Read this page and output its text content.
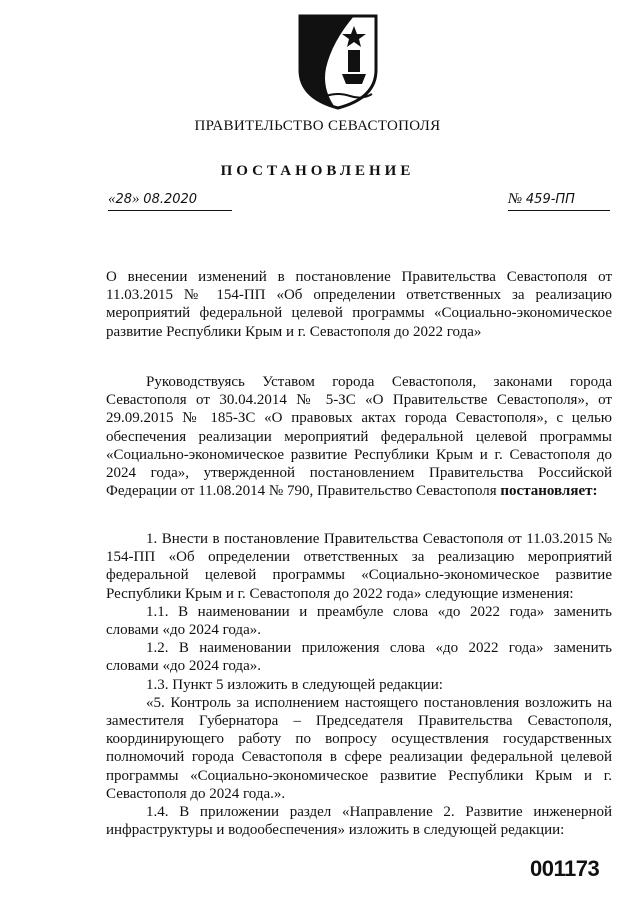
ПРАВИТЕЛЬСТВО СЕВАСТОПОЛЯ
ПОСТАНОВЛЕНИЕ
«28» 08.2020	№ 459-ПП

О внесении изменений в постановление Правительства Севастополя от 11.03.2015 № 154-ПП «Об определении ответственных за реализацию мероприятий федеральной целевой программы «Социально-экономическое развитие Республики Крым и г. Севастополя до 2022 года»

Руководствуясь Уставом города Севастополя, законами города Севастополя от 30.04.2014 № 5-ЗС «О Правительстве Севастополя», от 29.09.2015 № 185-ЗС «О правовых актах города Севастополя», с целью обеспечения реализации мероприятий федеральной целевой программы «Социально-экономическое развитие Республики Крым и г. Севастополя до 2024 года», утвержденной постановлением Правительства Российской Федерации от 11.08.2014 № 790, Правительство Севастополя постановляет:

1. Внести в постановление Правительства Севастополя от 11.03.2015 № 154-ПП «Об определении ответственных за реализацию мероприятий федеральной целевой программы «Социально-экономическое развитие Республики Крым и г. Севастополя до 2022 года» следующие изменения:

1.1. В наименовании и преамбуле слова «до 2022 года» заменить словами «до 2024 года».

1.2. В наименовании приложения слова «до 2022 года» заменить словами «до 2024 года».

1.3. Пункт 5 изложить в следующей редакции:

«5. Контроль за исполнением настоящего постановления возложить на заместителя Губернатора – Председателя Правительства Севастополя, координирующего работу по вопросу осуществления государственных полномочий города Севастополя в сфере реализации федеральной целевой программы «Социально-экономическое развитие Республики Крым и г. Севастополя до 2024 года.».

1.4. В приложении раздел «Направление 2. Развитие инженерной инфраструктуры и водообеспечения» изложить в следующей редакции:

001173
